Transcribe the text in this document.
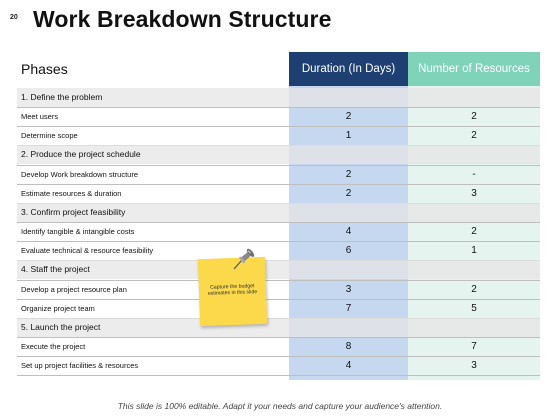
20 Work Breakdown Structure
Phases	Duration (In Days)	Number of Resources
1. Define the problem
Meet users	2	2
Determine scope	1	2
2. Produce the project schedule
Develop Work breakdown structure	2	-
Estimate resources & duration	2	3
3. Confirm project feasibility
Identify tangible & intangible costs	4	2
Evaluate technical & resource feasibility	6	1
4. Staff the project
Develop a project resource plan	3	2
Organize project team	7	5
5. Launch the project
Execute the project	8	7
Set up project facilities & resources	4	3
Capture the budget estimates in this slide
This slide is 100% editable. Adapt it your needs and capture your audience's attention.
